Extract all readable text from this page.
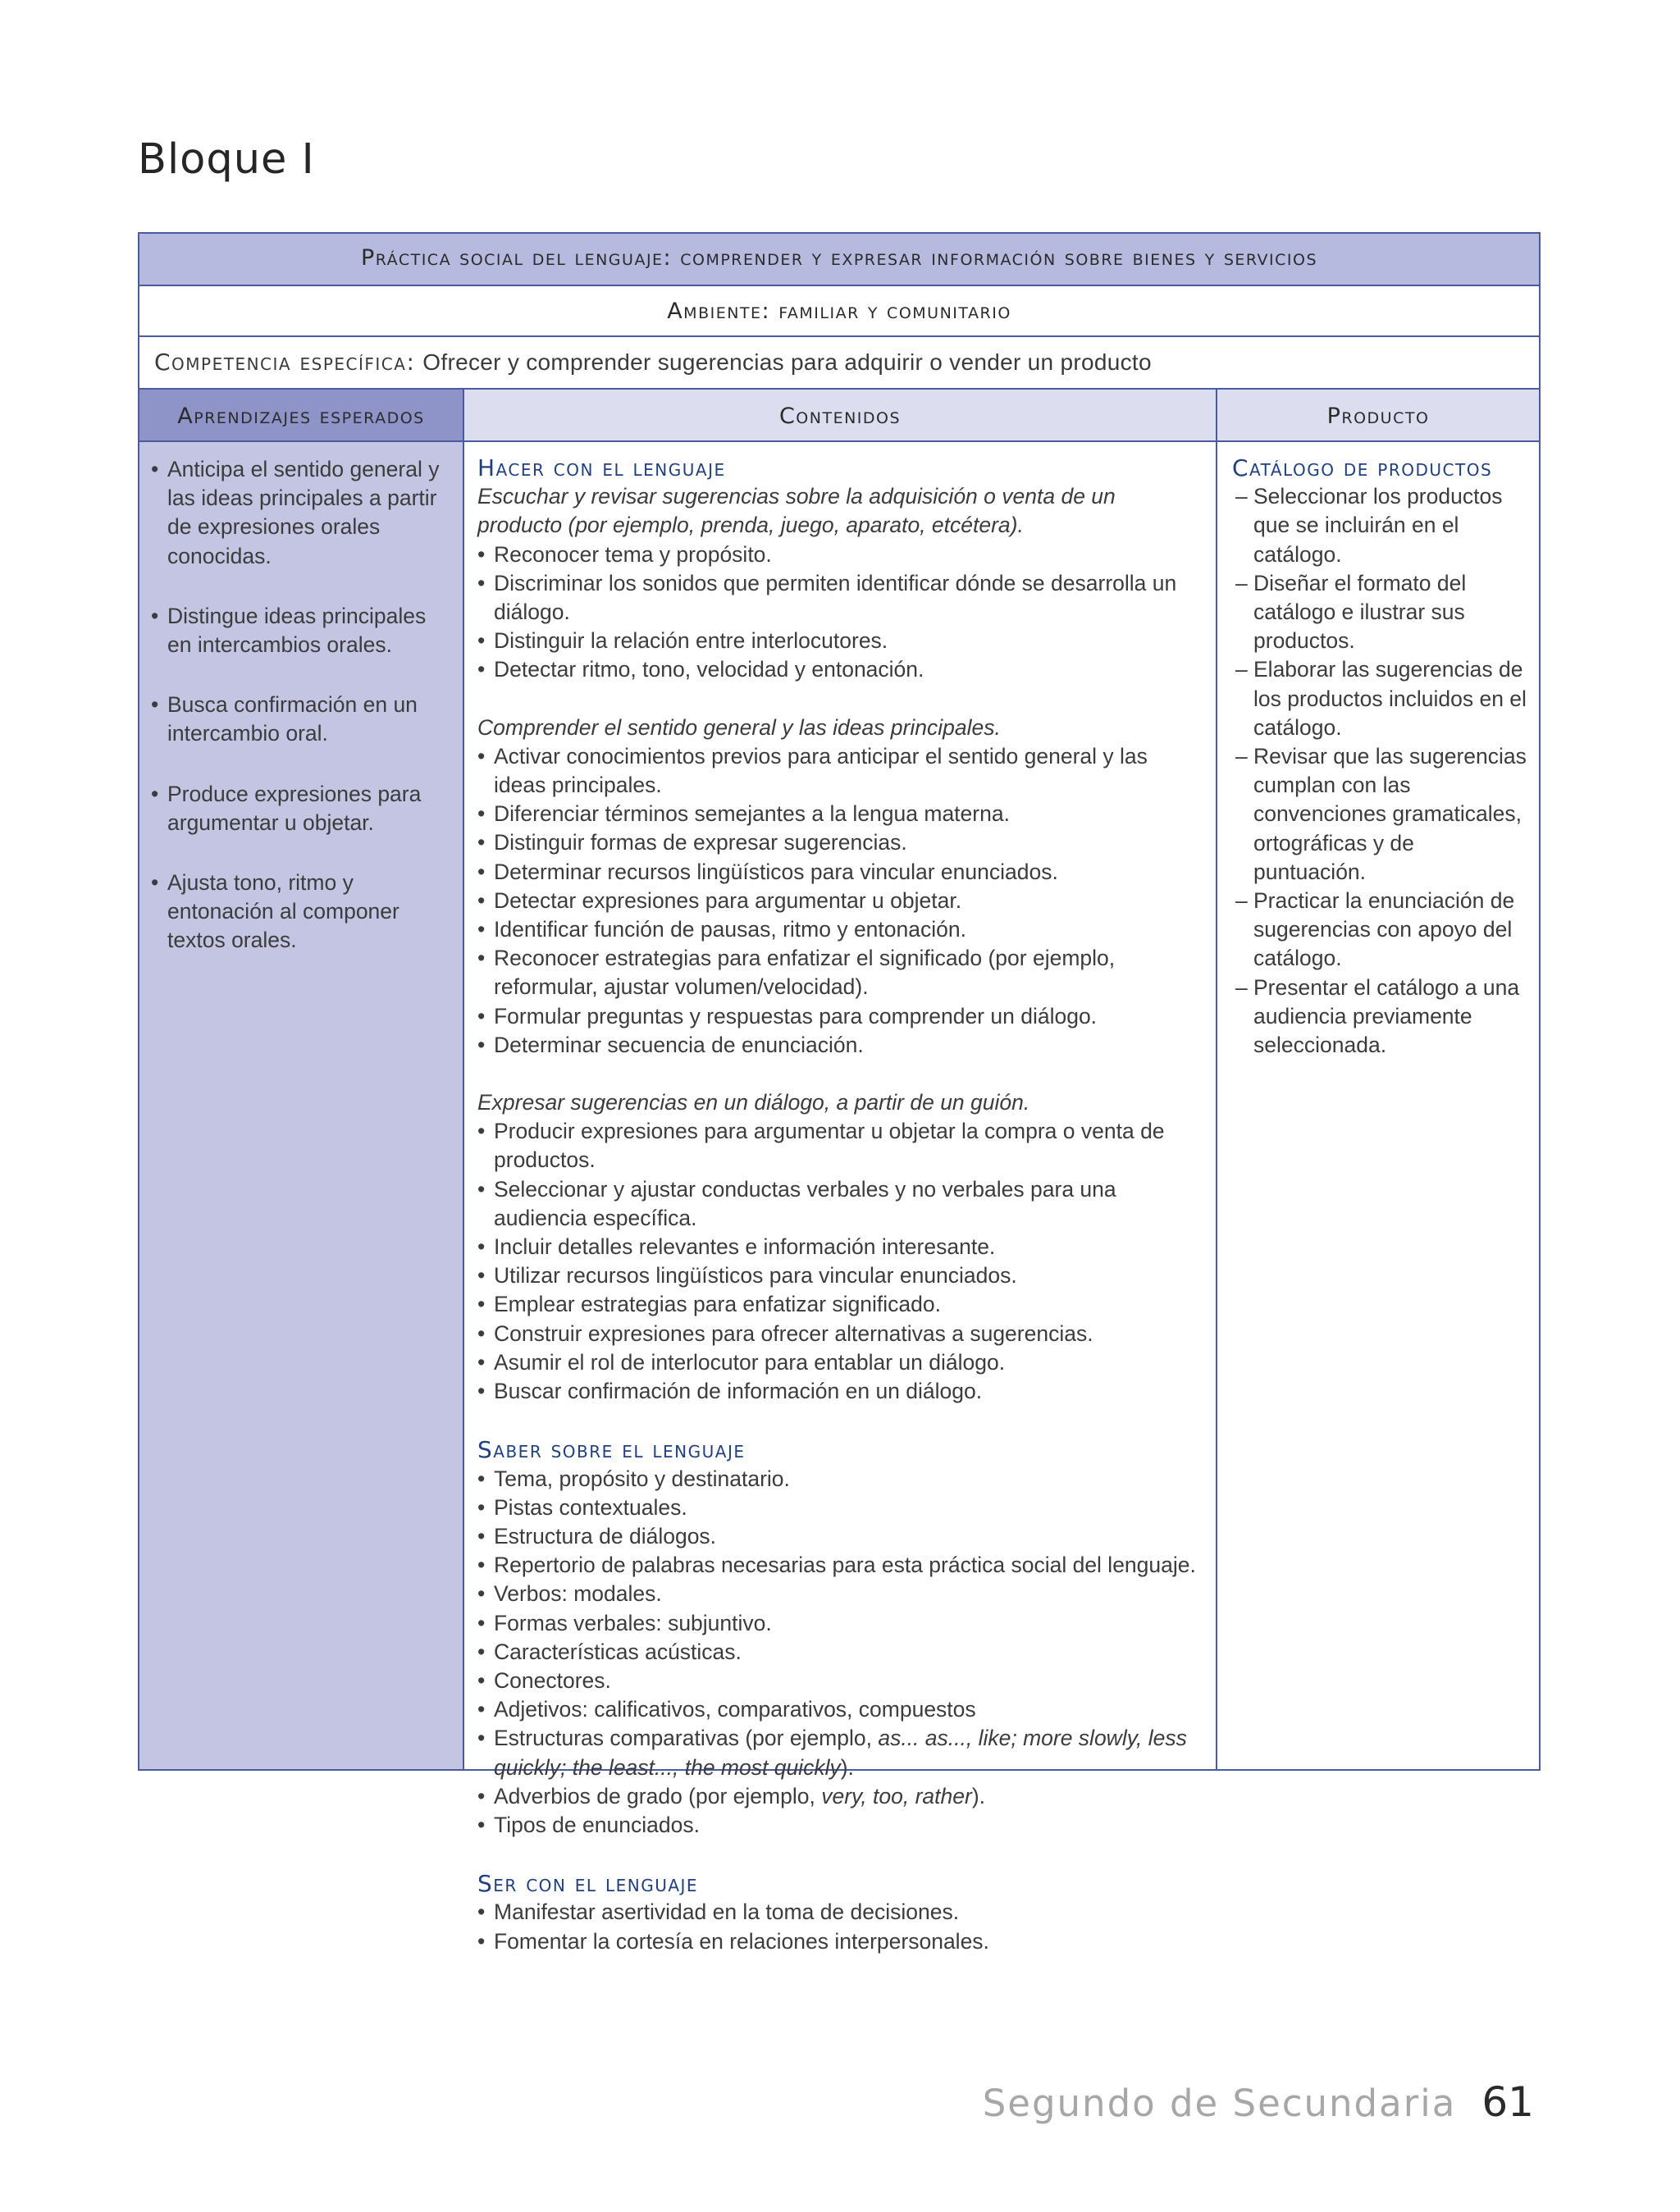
Bloque I
Práctica social del lenguaje: comprender y expresar información sobre bienes y servicios
Ambiente: familiar y comunitario
Competencia específica: Ofrecer y comprender sugerencias para adquirir o vender un producto
Aprendizajes esperados
• Anticipa el sentido general y las ideas principales a partir de expresiones orales conocidas.
• Distingue ideas principales en intercambios orales.
• Busca confirmación en un intercambio oral.
• Produce expresiones para argumentar u objetar.
• Ajusta tono, ritmo y entonación al componer textos orales.
Contenidos
Hacer con el lenguaje
Escuchar y revisar sugerencias sobre la adquisición o venta de un producto (por ejemplo, prenda, juego, aparato, etcétera).
• Reconocer tema y propósito.
• Discriminar los sonidos que permiten identificar dónde se desarrolla un diálogo.
• Distinguir la relación entre interlocutores.
• Detectar ritmo, tono, velocidad y entonación.
Comprender el sentido general y las ideas principales.
• Activar conocimientos previos para anticipar el sentido general y las ideas principales.
• Diferenciar términos semejantes a la lengua materna.
• Distinguir formas de expresar sugerencias.
• Determinar recursos lingüísticos para vincular enunciados.
• Detectar expresiones para argumentar u objetar.
• Identificar función de pausas, ritmo y entonación.
• Reconocer estrategias para enfatizar el significado (por ejemplo, reformular, ajustar volumen/velocidad).
• Formular preguntas y respuestas para comprender un diálogo.
• Determinar secuencia de enunciación.
Expresar sugerencias en un diálogo, a partir de un guión.
• Producir expresiones para argumentar u objetar la compra o venta de productos.
• Seleccionar y ajustar conductas verbales y no verbales para una audiencia específica.
• Incluir detalles relevantes e información interesante.
• Utilizar recursos lingüísticos para vincular enunciados.
• Emplear estrategias para enfatizar significado.
• Construir expresiones para ofrecer alternativas a sugerencias.
• Asumir el rol de interlocutor para entablar un diálogo.
• Buscar confirmación de información en un diálogo.
Saber sobre el lenguaje
• Tema, propósito y destinatario.
• Pistas contextuales.
• Estructura de diálogos.
• Repertorio de palabras necesarias para esta práctica social del lenguaje.
• Verbos: modales.
• Formas verbales: subjuntivo.
• Características acústicas.
• Conectores.
• Adjetivos: calificativos, comparativos, compuestos
• Estructuras comparativas (por ejemplo, as... as..., like; more slowly, less quickly; the least..., the most quickly).
• Adverbios de grado (por ejemplo, very, too, rather).
• Tipos de enunciados.
Ser con el lenguaje
• Manifestar asertividad en la toma de decisiones.
• Fomentar la cortesía en relaciones interpersonales.
Producto
Catálogo de productos
– Seleccionar los productos que se incluirán en el catálogo.
– Diseñar el formato del catálogo e ilustrar sus productos.
– Elaborar las sugerencias de los productos incluidos en el catálogo.
– Revisar que las sugerencias cumplan con las convenciones gramaticales, ortográficas y de puntuación.
– Practicar la enunciación de sugerencias con apoyo del catálogo.
– Presentar el catálogo a una audiencia previamente seleccionada.
Segundo de Secundaria 61
